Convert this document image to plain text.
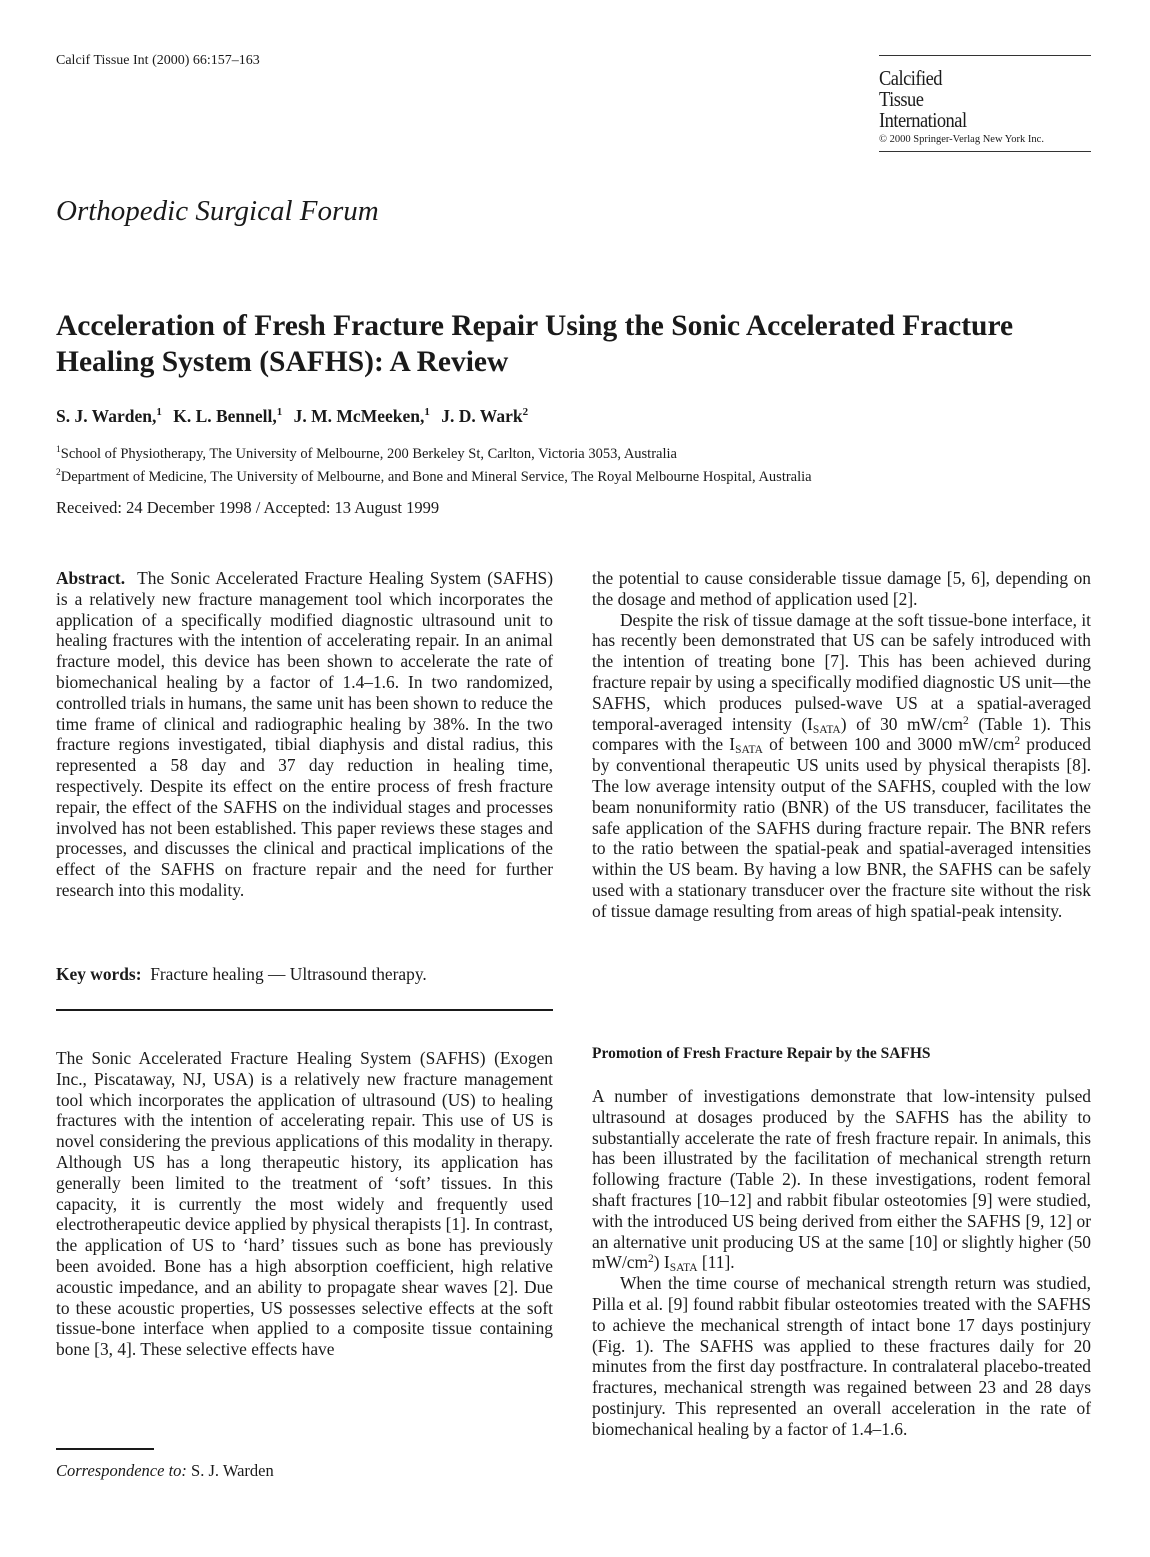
Calcif Tissue Int (2000) 66:157–163
Calcified
Tissue
International
© 2000 Springer-Verlag New York Inc.
Orthopedic Surgical Forum
Acceleration of Fresh Fracture Repair Using the Sonic Accelerated Fracture Healing System (SAFHS): A Review
S. J. Warden,$^1$ K. L. Bennell,$^1$ J. M. McMeeken,$^1$ J. D. Wark$^2$
$^1$School of Physiotherapy, The University of Melbourne, 200 Berkeley St, Carlton, Victoria 3053, Australia
$^2$Department of Medicine, The University of Melbourne, and Bone and Mineral Service, The Royal Melbourne Hospital, Australia
Received: 24 December 1998 / Accepted: 13 August 1999

Abstract. The Sonic Accelerated Fracture Healing System (SAFHS) is a relatively new fracture management tool which incorporates the application of a specifically modified diagnostic ultrasound unit to healing fractures with the intention of accelerating repair. In an animal fracture model, this device has been shown to accelerate the rate of biomechanical healing by a factor of 1.4–1.6. In two randomized, controlled trials in humans, the same unit has been shown to reduce the time frame of clinical and radiographic healing by 38%. In the two fracture regions investigated, tibial diaphysis and distal radius, this represented a 58 day and 37 day reduction in healing time, respectively. Despite its effect on the entire process of fresh fracture repair, the effect of the SAFHS on the individual stages and processes involved has not been established. This paper reviews these stages and processes, and discusses the clinical and practical implications of the effect of the SAFHS on fracture repair and the need for further research into this modality.

Key words: Fracture healing — Ultrasound therapy.

The Sonic Accelerated Fracture Healing System (SAFHS) (Exogen Inc., Piscataway, NJ, USA) is a relatively new fracture management tool which incorporates the application of ultrasound (US) to healing fractures with the intention of accelerating repair. This use of US is novel considering the previous applications of this modality in therapy. Although US has a long therapeutic history, its application has generally been limited to the treatment of ‘soft’ tissues. In this capacity, it is currently the most widely and frequently used electrotherapeutic device applied by physical therapists [1]. In contrast, the application of US to ‘hard’ tissues such as bone has previously been avoided. Bone has a high absorption coefficient, high relative acoustic impedance, and an ability to propagate shear waves [2]. Due to these acoustic properties, US possesses selective effects at the soft tissue-bone interface when applied to a composite tissue containing bone [3, 4]. These selective effects have

Correspondence to: S. J. Warden

the potential to cause considerable tissue damage [5, 6], depending on the dosage and method of application used [2].

Despite the risk of tissue damage at the soft tissue-bone interface, it has recently been demonstrated that US can be safely introduced with the intention of treating bone [7]. This has been achieved during fracture repair by using a specifically modified diagnostic US unit—the SAFHS, which produces pulsed-wave US at a spatial-averaged temporal-averaged intensity $(I_{SATA})$ of 30 $mW/cm^2$ (Table 1). This compares with the $I_{SATA}$ of between 100 and 3000 $mW/cm^2$ produced by conventional therapeutic US units used by physical therapists [8]. The low average intensity output of the SAFHS, coupled with the low beam nonuniformity ratio (BNR) of the US transducer, facilitates the safe application of the SAFHS during fracture repair. The BNR refers to the ratio between the spatial-peak and spatial-averaged intensities within the US beam. By having a low BNR, the SAFHS can be safely used with a stationary transducer over the fracture site without the risk of tissue damage resulting from areas of high spatial-peak intensity.

Promotion of Fresh Fracture Repair by the SAFHS

A number of investigations demonstrate that low-intensity pulsed ultrasound at dosages produced by the SAFHS has the ability to substantially accelerate the rate of fresh fracture repair. In animals, this has been illustrated by the facilitation of mechanical strength return following fracture (Table 2). In these investigations, rodent femoral shaft fractures [10–12] and rabbit fibular osteotomies [9] were studied, with the introduced US being derived from either the SAFHS [9, 12] or an alternative unit producing US at the same [10] or slightly higher (50 $mW/cm^2$) $I_{SATA}$ [11].

When the time course of mechanical strength return was studied, Pilla et al. [9] found rabbit fibular osteotomies treated with the SAFHS to achieve the mechanical strength of intact bone 17 days postinjury (Fig. 1). The SAFHS was applied to these fractures daily for 20 minutes from the first day postfracture. In contralateral placebo-treated fractures, mechanical strength was regained between 23 and 28 days postinjury. This represented an overall acceleration in the rate of biomechanical healing by a factor of 1.4–1.6.
